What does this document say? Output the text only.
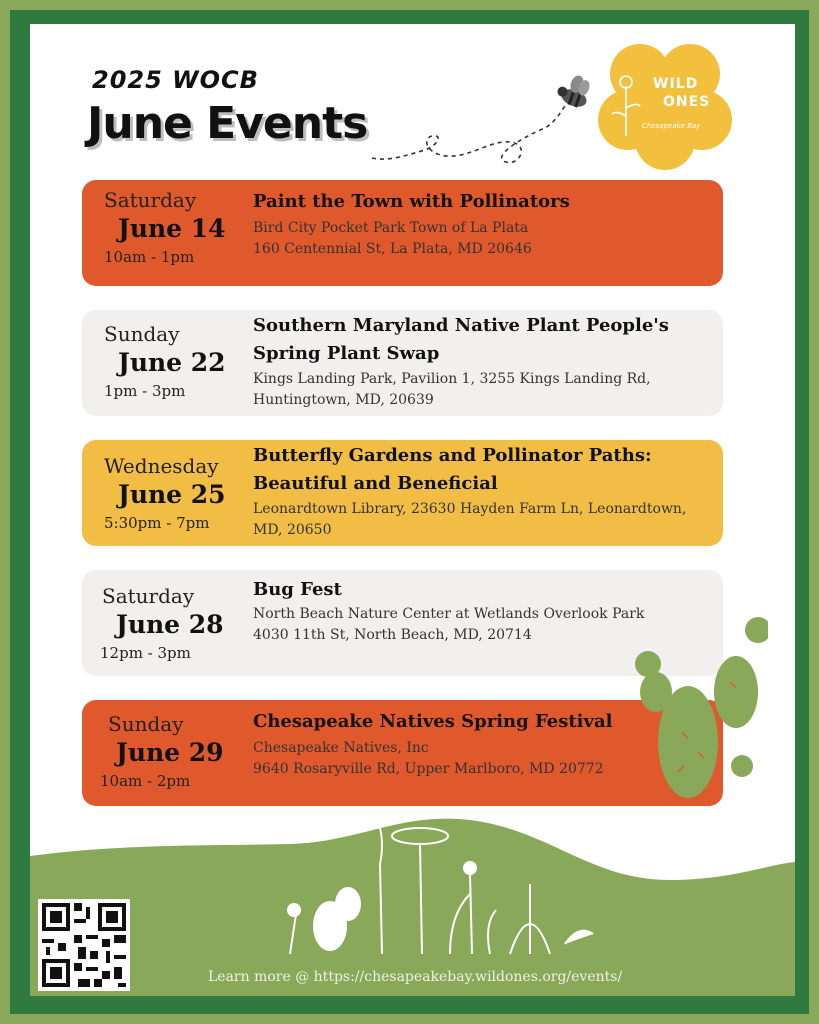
2025 WOCB
June Events
WILD
ONES
Chesapeake Bay
Saturday
June 14
10am - 1pm
Paint the Town with Pollinators
Bird City Pocket Park Town of La Plata
160 Centennial St, La Plata, MD 20646
Sunday
June 22
1pm - 3pm
Southern Maryland Native Plant People's
Spring Plant Swap
Kings Landing Park, Pavilion 1, 3255 Kings Landing Rd,
Huntingtown, MD, 20639
Wednesday
June 25
5:30pm - 7pm
Butterfly Gardens and Pollinator Paths:
Beautiful and Beneficial
Leonardtown Library, 23630 Hayden Farm Ln, Leonardtown,
MD, 20650
Saturday
June 28
12pm - 3pm
Bug Fest
North Beach Nature Center at Wetlands Overlook Park
4030 11th St, North Beach, MD, 20714
Sunday
June 29
10am - 2pm
Chesapeake Natives Spring Festival
Chesapeake Natives, Inc
9640 Rosaryville Rd, Upper Marlboro, MD 20772
Learn more @ https://chesapeakebay.wildones.org/events/
